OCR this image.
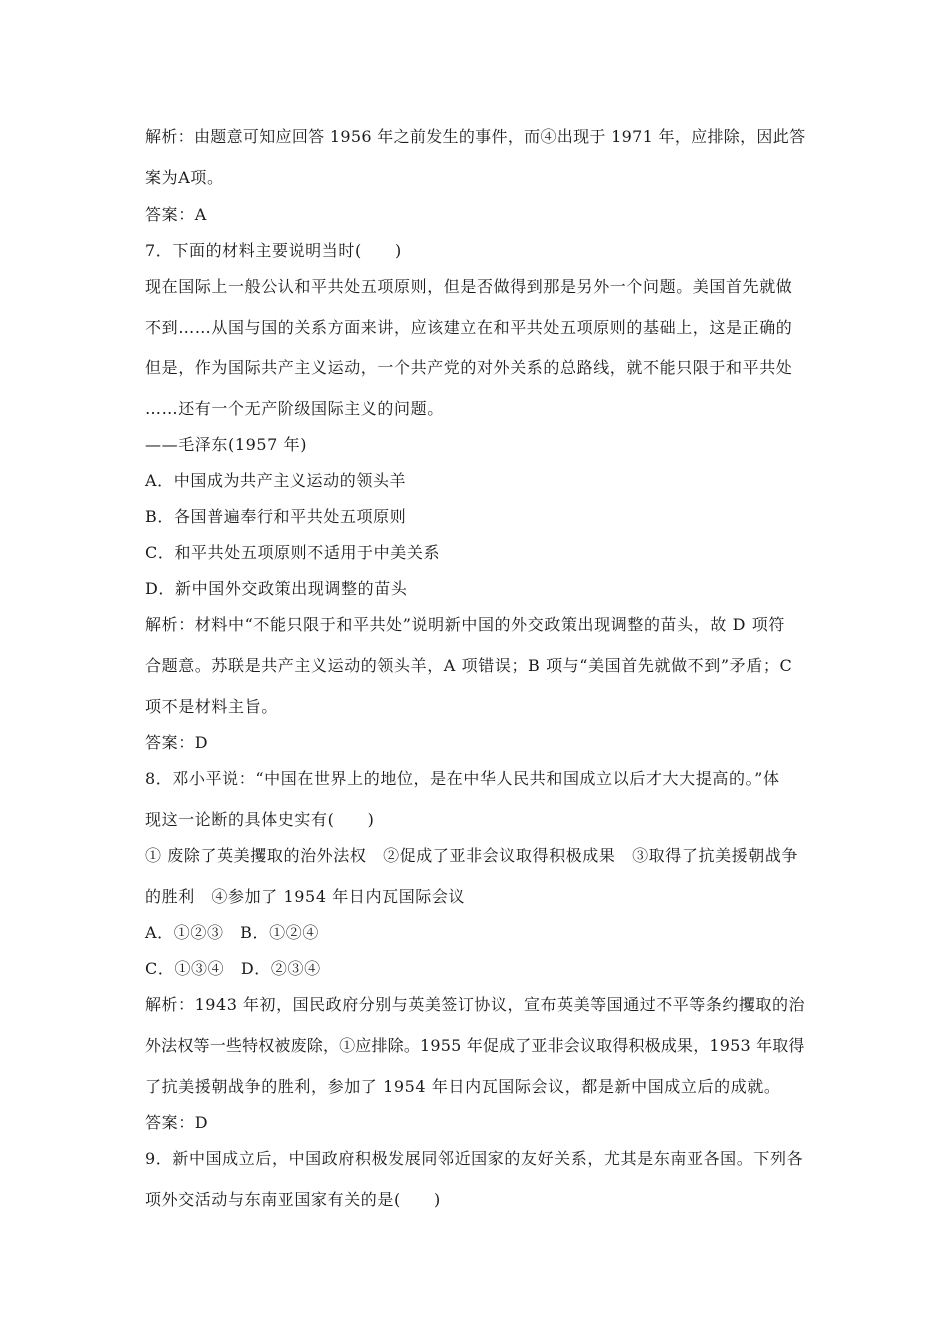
解析：由题意可知应回答 1956 年之前发生的事件，而④出现于 1971 年，应排除，因此答
案为A项。
答案：A
7．下面的材料主要说明当时(　　)
现在国际上一般公认和平共处五项原则，但是否做得到那是另外一个问题。美国首先就做
不到……从国与国的关系方面来讲，应该建立在和平共处五项原则的基础上，这是正确的
但是，作为国际共产主义运动，一个共产党的对外关系的总路线，就不能只限于和平共处
……还有一个无产阶级国际主义的问题。
——毛泽东(1957 年)
A．中国成为共产主义运动的领头羊
B．各国普遍奉行和平共处五项原则
C．和平共处五项原则不适用于中美关系
D．新中国外交政策出现调整的苗头
解析：材料中“不能只限于和平共处”说明新中国的外交政策出现调整的苗头，故 D 项符
合题意。苏联是共产主义运动的领头羊，A 项错误；B 项与“美国首先就做不到”矛盾；C
项不是材料主旨。
答案：D
8．邓小平说：“中国在世界上的地位，是在中华人民共和国成立以后才大大提高的。”体
现这一论断的具体史实有(　　)
① 废除了英美攫取的治外法权　②促成了亚非会议取得积极成果　③取得了抗美援朝战争
的胜利　④参加了 1954 年日内瓦国际会议
A．①②③　B．①②④
C．①③④　D．②③④
解析：1943 年初，国民政府分别与英美签订协议，宣布英美等国通过不平等条约攫取的治
外法权等一些特权被废除，①应排除。1955 年促成了亚非会议取得积极成果，1953 年取得
了抗美援朝战争的胜利，参加了 1954 年日内瓦国际会议，都是新中国成立后的成就。
答案：D
9．新中国成立后，中国政府积极发展同邻近国家的友好关系，尤其是东南亚各国。下列各
项外交活动与东南亚国家有关的是(　　)
